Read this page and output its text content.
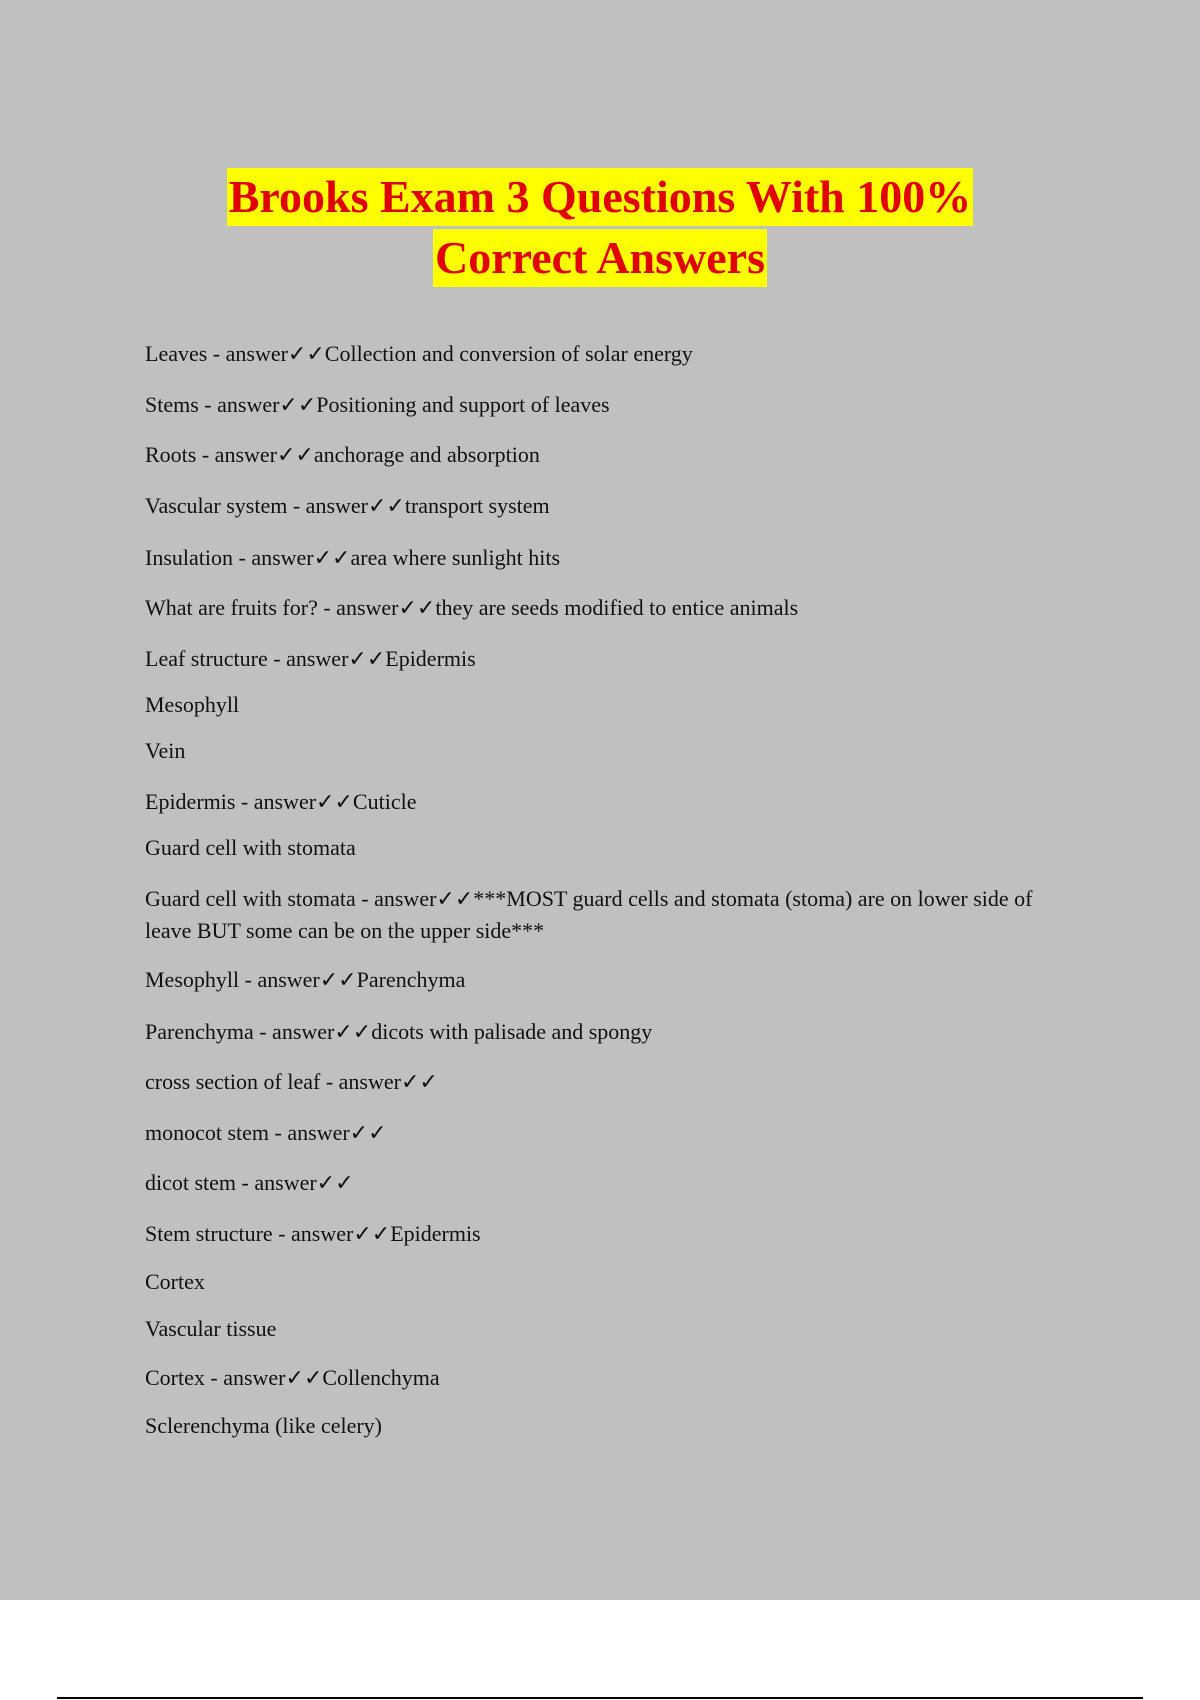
Brooks Exam 3 Questions With 100%
Correct Answers
Leaves - answer✓✓Collection and conversion of solar energy
Stems - answer✓✓Positioning and support of leaves
Roots - answer✓✓anchorage and absorption
Vascular system - answer✓✓transport system
Insulation - answer✓✓area where sunlight hits
What are fruits for? - answer✓✓they are seeds modified to entice animals
Leaf structure - answer✓✓Epidermis
Mesophyll
Vein
Epidermis - answer✓✓Cuticle
Guard cell with stomata
Guard cell with stomata - answer✓✓***MOST guard cells and stomata (stoma) are on lower side of leave BUT some can be on the upper side***
Mesophyll - answer✓✓Parenchyma
Parenchyma - answer✓✓dicots with palisade and spongy
cross section of leaf - answer✓✓
monocot stem - answer✓✓
dicot stem - answer✓✓
Stem structure - answer✓✓Epidermis
Cortex
Vascular tissue
Cortex - answer✓✓Collenchyma
Sclerenchyma (like celery)
